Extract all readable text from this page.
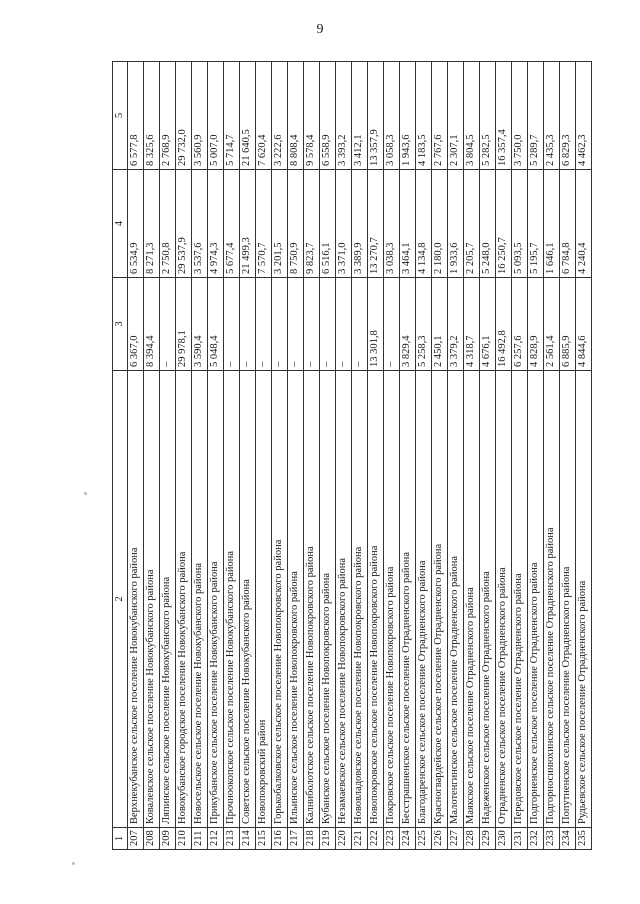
9
1	2	3	4	5
207	Верхнекубанское сельское поселение Новокубанского района	6 367,0	6 534,9	6 577,8
208	Ковалевское сельское поселение Новокубанского района	8 394,4	8 271,3	8 325,6
209	Ляпинское сельское поселение Новокубанского района	–	2 750,8	2 768,9
210	Новокубанское городское поселение Новокубанского района	29 978,1	29 537,9	29 732,0
211	Новосельское сельское поселение Новокубанского района	3 590,4	3 537,6	3 560,9
212	Прикубанское сельское поселение Новокубанского района	5 048,4	4 974,3	5 007,0
213	Прочноокопское сельское поселение Новокубанского района	–	5 677,4	5 714,7
214	Советское сельское поселение Новокубанского района	–	21 499,3	21 640,5
215	Новопокровский район	–	7 570,7	7 620,4
216	Горькобалковское сельское поселение Новопокровского района	–	3 201,5	3 222,6
217	Ильинское сельское поселение Новопокровского района	–	8 750,9	8 808,4
218	Калниболотское сельское поселение Новопокровского района	–	9 823,7	9 578,4
219	Кубанское сельское поселение Новопокровского района	–	6 516,1	6 558,9
220	Незамаевское сельское поселение Новопокровского района	–	3 371,0	3 393,2
221	Нововладовское сельское поселение Новопокровского района	–	3 389,9	3 412,1
222	Новопокровское сельское поселение Новопокровского района	13 301,8	13 270,7	13 357,9
223	Покровское сельское поселение Новопокровского района	–	3 038,3	3 058,3
224	Бесстрашненское сельское поселение Отрадненского района	3 829,4	3 464,1	1 943,6
225	Благодаренское сельское поселение Отрадненского района	5 258,3	4 134,8	4 183,5
226	Красногвардейское сельское поселение Отрадненского района	2 450,1	2 180,0	2 767,6
227	Малотенгинское сельское поселение Отрадненского района	3 379,2	1 933,6	2 307,1
228	Маякское сельское поселение Отрадненского района	4 318,7	2 205,7	3 804,5
229	Надеженское сельское поселение Отрадненского района	4 676,1	5 248,0	5 282,5
230	Отрадненское сельское поселение Отрадненского района	16 492,8	16 250,7	16 357,4
231	Передовское сельское поселение Отрадненского района	6 257,6	5 093,5	3 750,0
232	Подгорненское сельское поселение Отрадненского района	4 828,9	5 195,7	5 289,7
233	Подгорносинюхинское сельское поселение Отрадненского района	2 561,4	1 646,1	2 435,3
234	Попутненское сельское поселение Отрадненского района	6 885,9	6 784,8	6 829,3
235	Рудьевское сельское поселение Отрадненского района	4 844,6	4 240,4	4 462,3
